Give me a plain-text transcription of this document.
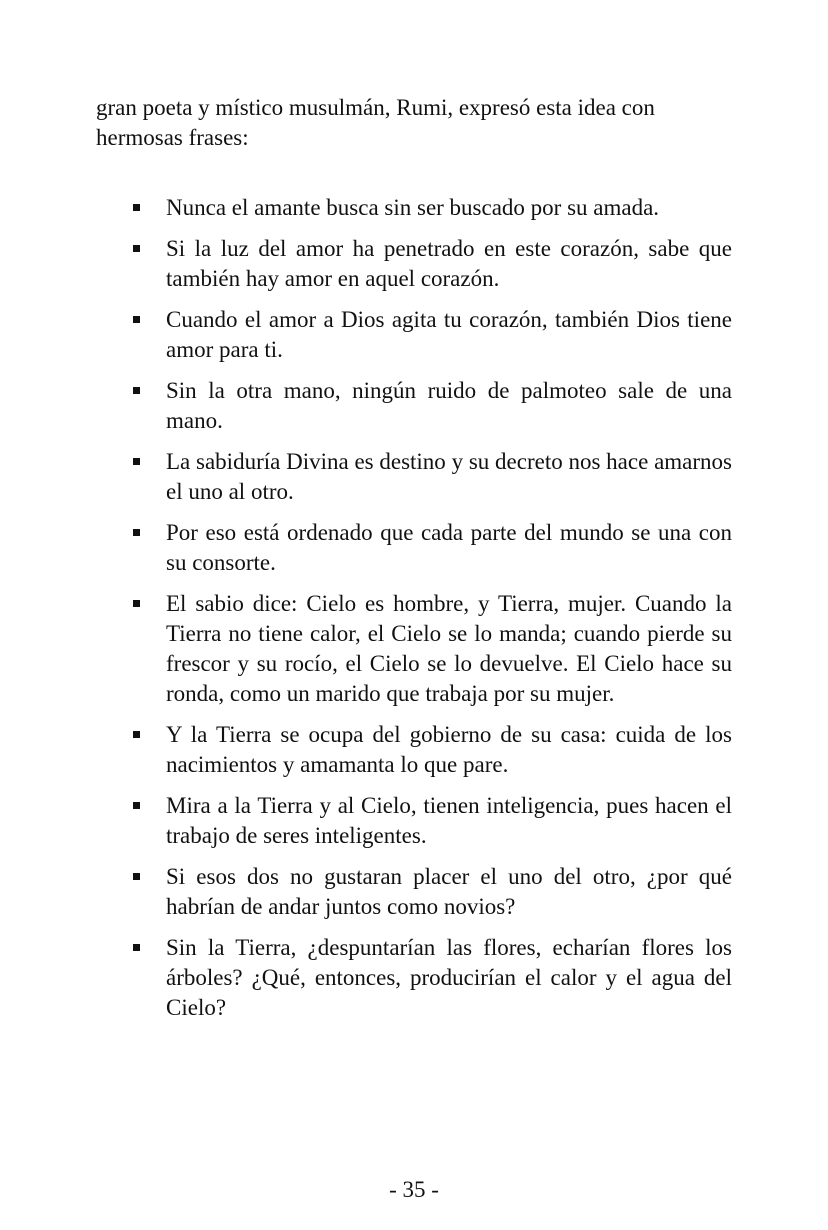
gran poeta y místico musulmán, Rumi, expresó esta idea con hermosas frases:

Nunca el amante busca sin ser buscado por su amada.
Si la luz del amor ha penetrado en este corazón, sabe que también hay amor en aquel corazón.
Cuando el amor a Dios agita tu corazón, también Dios tiene amor para ti.
Sin la otra mano, ningún ruido de palmoteo sale de una mano.
La sabiduría Divina es destino y su decreto nos hace amarnos el uno al otro.
Por eso está ordenado que cada parte del mundo se una con su consorte.
El sabio dice: Cielo es hombre, y Tierra, mujer. Cuando la Tierra no tiene calor, el Cielo se lo manda; cuando pierde su frescor y su rocío, el Cielo se lo devuelve. El Cielo hace su ronda, como un marido que trabaja por su mujer.
Y la Tierra se ocupa del gobierno de su casa: cuida de los nacimientos y amamanta lo que pare.
Mira a la Tierra y al Cielo, tienen inteligencia, pues hacen el trabajo de seres inteligentes.
Si esos dos no gustaran placer el uno del otro, ¿por qué habrían de andar juntos como novios?
Sin la Tierra, ¿despuntarían las flores, echarían flores los árboles? ¿Qué, entonces, producirían el calor y el agua del Cielo?
- 35 -
